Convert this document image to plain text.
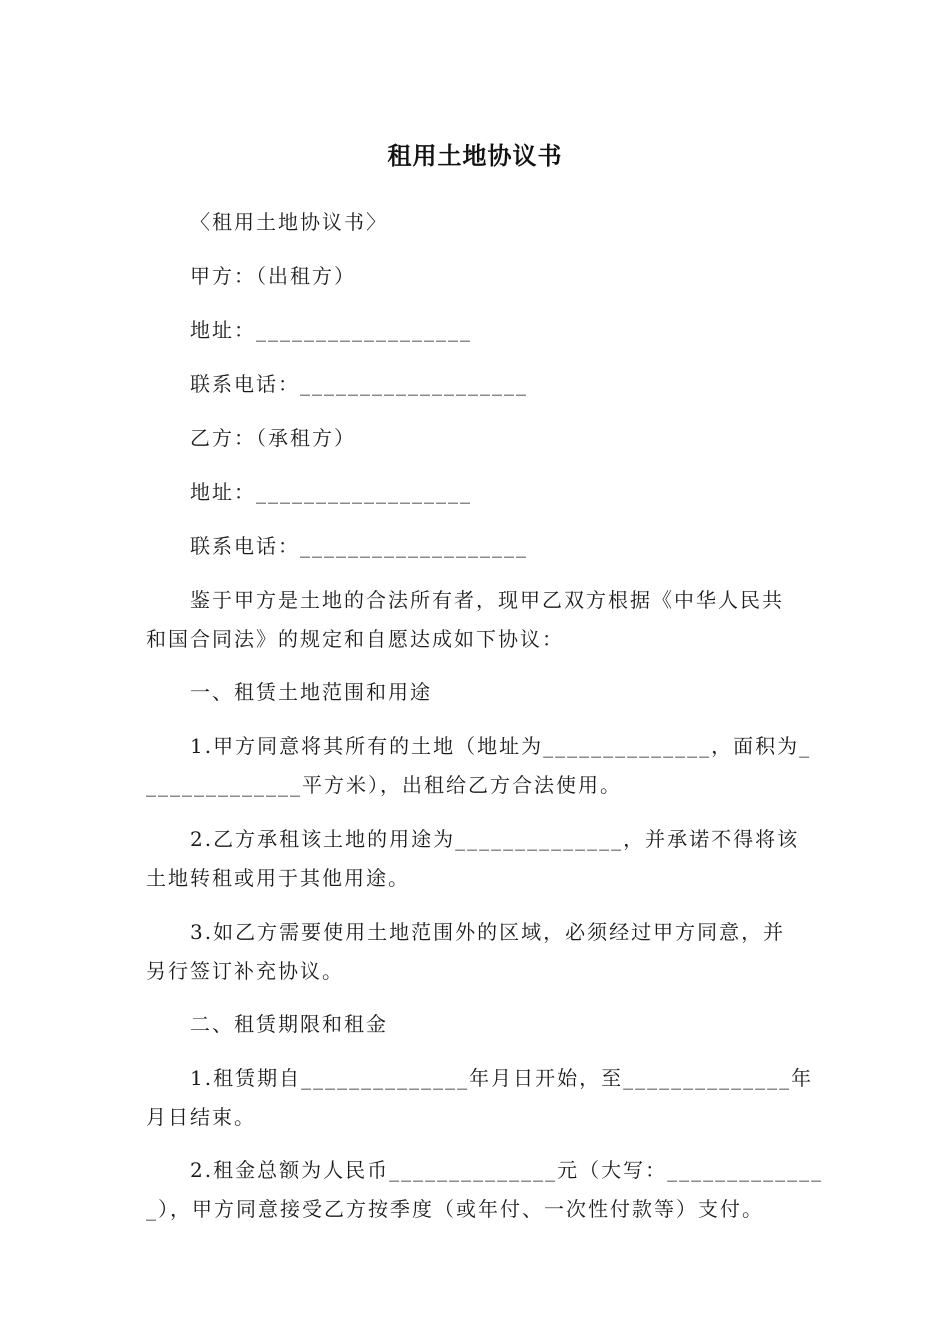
租用土地协议书
〈租用土地协议书〉
甲方：（出租方）
地址：__________________
联系电话：___________________
乙方：（承租方）
地址：__________________
联系电话：___________________
鉴于甲方是土地的合法所有者，现甲乙双方根据《中华人民共
和国合同法》的规定和自愿达成如下协议：
一、租赁土地范围和用途
1.甲方同意将其所有的土地（地址为______________，面积为_
_____________平方米），出租给乙方合法使用。
2.乙方承租该土地的用途为______________，并承诺不得将该
土地转租或用于其他用途。
3.如乙方需要使用土地范围外的区域，必须经过甲方同意，并
另行签订补充协议。
二、租赁期限和租金
1.租赁期自______________年月日开始，至______________年
月日结束。
2.租金总额为人民币______________元（大写：_____________
_），甲方同意接受乙方按季度（或年付、一次性付款等）支付。
